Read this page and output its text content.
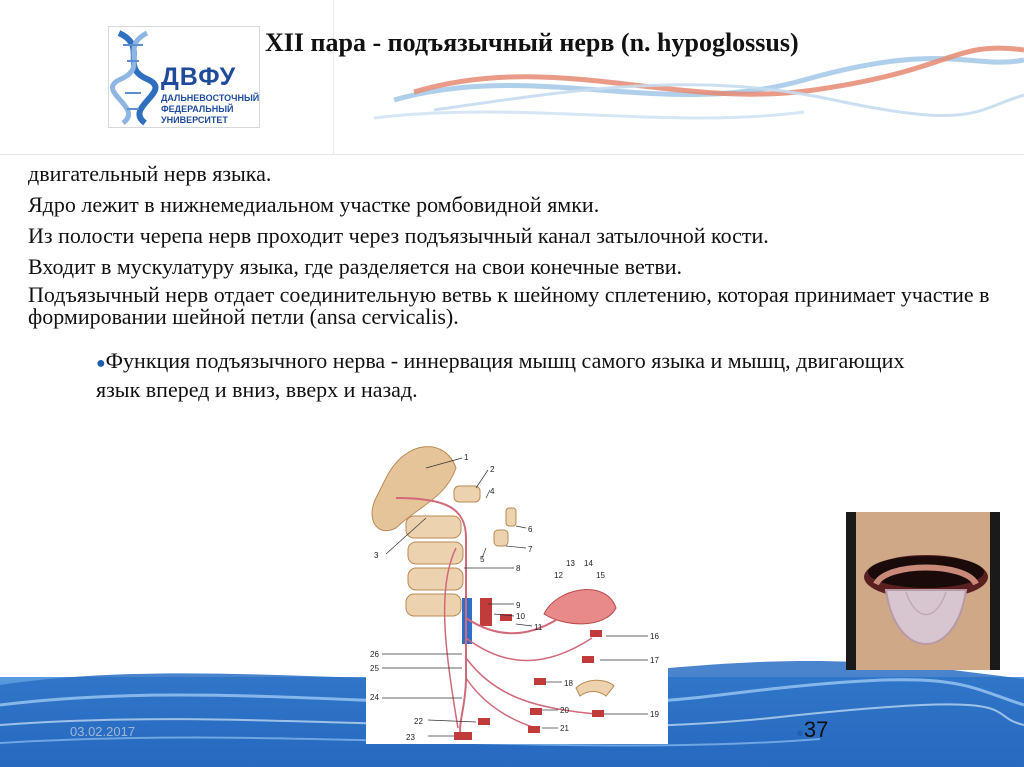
ДВФУ
ДАЛЬНЕВОСТОЧНЫЙ
ФЕДЕРАЛЬНЫЙ
УНИВЕРСИТЕТ
XII пара - подъязычный нерв (n. hypoglossus)

двигательный нерв языка.

Ядро лежит в нижнемедиальном участке ромбовидной ямки.

Из полости черепа нерв проходит через подъязычный канал затылочной кости.

Входит в мускулатуру языка, где разделяется на свои конечные ветви.

Подъязычный нерв отдает соединительную ветвь к шейному сплетению, которая принимает участие в формировании шейной петли (ansa cervicalis).

●Функция подъязычного нерва - иннервация мышц самого языка и мышц, двигающих язык вперед и вниз, вверх и назад.
03.02.2017	●37
1
2
3
4
5
6
7
8
9
10
11
12
13 14
15
16
17
18
19
20
21
22
23
24
25
26
